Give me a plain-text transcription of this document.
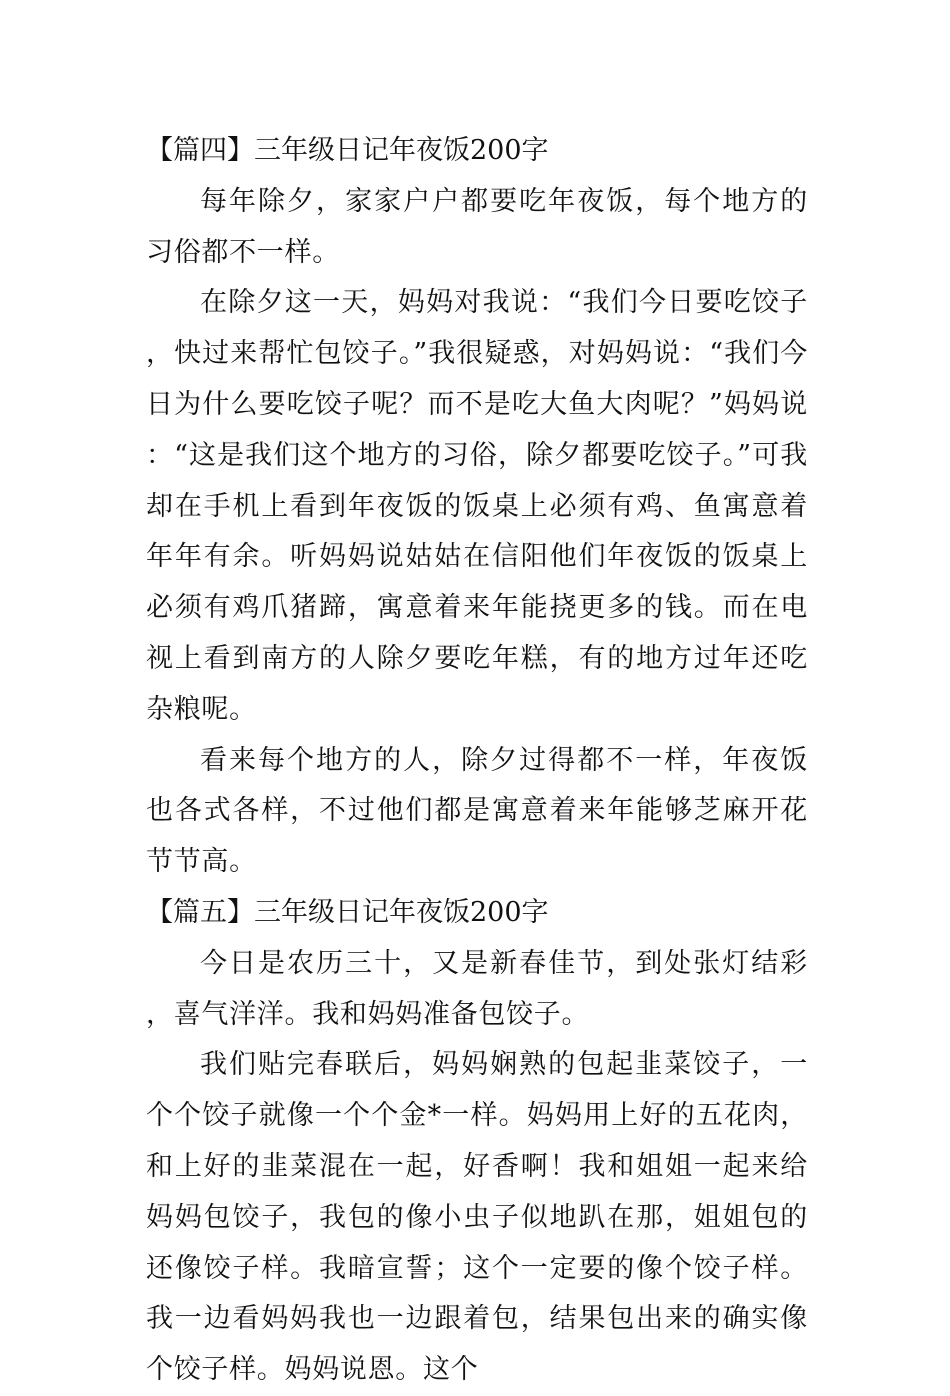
【篇四】三年级日记年夜饭200字

每年除夕，家家户户都要吃年夜饭，每个地方的习俗都不一样。

在除夕这一天，妈妈对我说：“我们今日要吃饺子，快过来帮忙包饺子。”我很疑惑，对妈妈说：“我们今日为什么要吃饺子呢？而不是吃大鱼大肉呢？”妈妈说：“这是我们这个地方的习俗，除夕都要吃饺子。”可我却在手机上看到年夜饭的饭桌上必须有鸡、鱼寓意着年年有余。听妈妈说姑姑在信阳他们年夜饭的饭桌上必须有鸡爪猪蹄，寓意着来年能挠更多的钱。而在电视上看到南方的人除夕要吃年糕，有的地方过年还吃杂粮呢。

看来每个地方的人，除夕过得都不一样，年夜饭也各式各样，不过他们都是寓意着来年能够芝麻开花节节高。

【篇五】三年级日记年夜饭200字

今日是农历三十，又是新春佳节，到处张灯结彩，喜气洋洋。我和妈妈准备包饺子。

我们贴完春联后，妈妈娴熟的包起韭菜饺子，一个个饺子就像一个个金*一样。妈妈用上好的五花肉，和上好的韭菜混在一起，好香啊！我和姐姐一起来给妈妈包饺子，我包的像小虫子似地趴在那，姐姐包的还像饺子样。我暗宣誓；这个一定要的像个饺子样。我一边看妈妈我也一边跟着包，结果包出来的确实像个饺子样。妈妈说恩。这个
